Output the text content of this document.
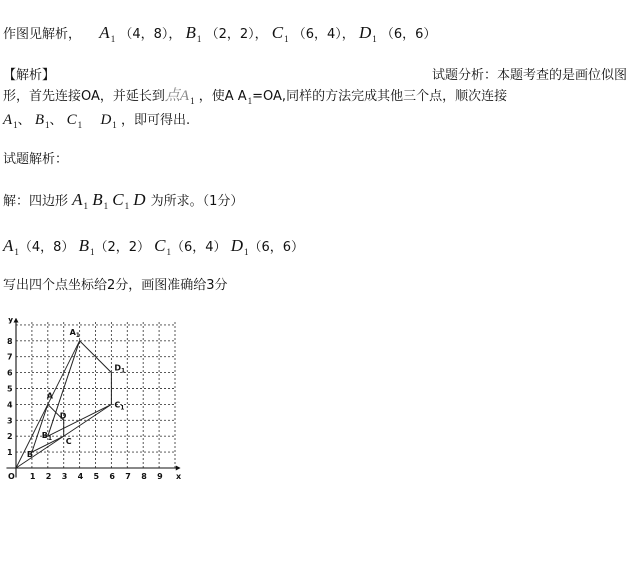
作图见解析， $A_1$ （4，8）， $B_1$ （2，2）， $C_1$ （6，4）， $D_1$ （6，6）
【解析】	试题分析：本题考查的是画位似图
形，首先连接OA，并延长到点$A_1$ ，使A $A_1=OA$,同样的方法完成其他三个点，顺次连接
$A_1$、 $B_1$、 $C_1$ $D_1$ ，即可得出.
试题解析：
解：四边形 $A_1$ $B_1$ $C_1$ D 为所求。（1分）
$A_1(4$，8） $B_1(2$，2） $C_1(6$，4） $D_1(6$，6）
写出四个点坐标给2分，画图准确给3分
1 2 3 4 5 6 7 8 9
1
2
3
4
5
6
7
8
O	x
y
A
B
C
D
$A_1$
$B_1$
$C_1$
$D_1$
